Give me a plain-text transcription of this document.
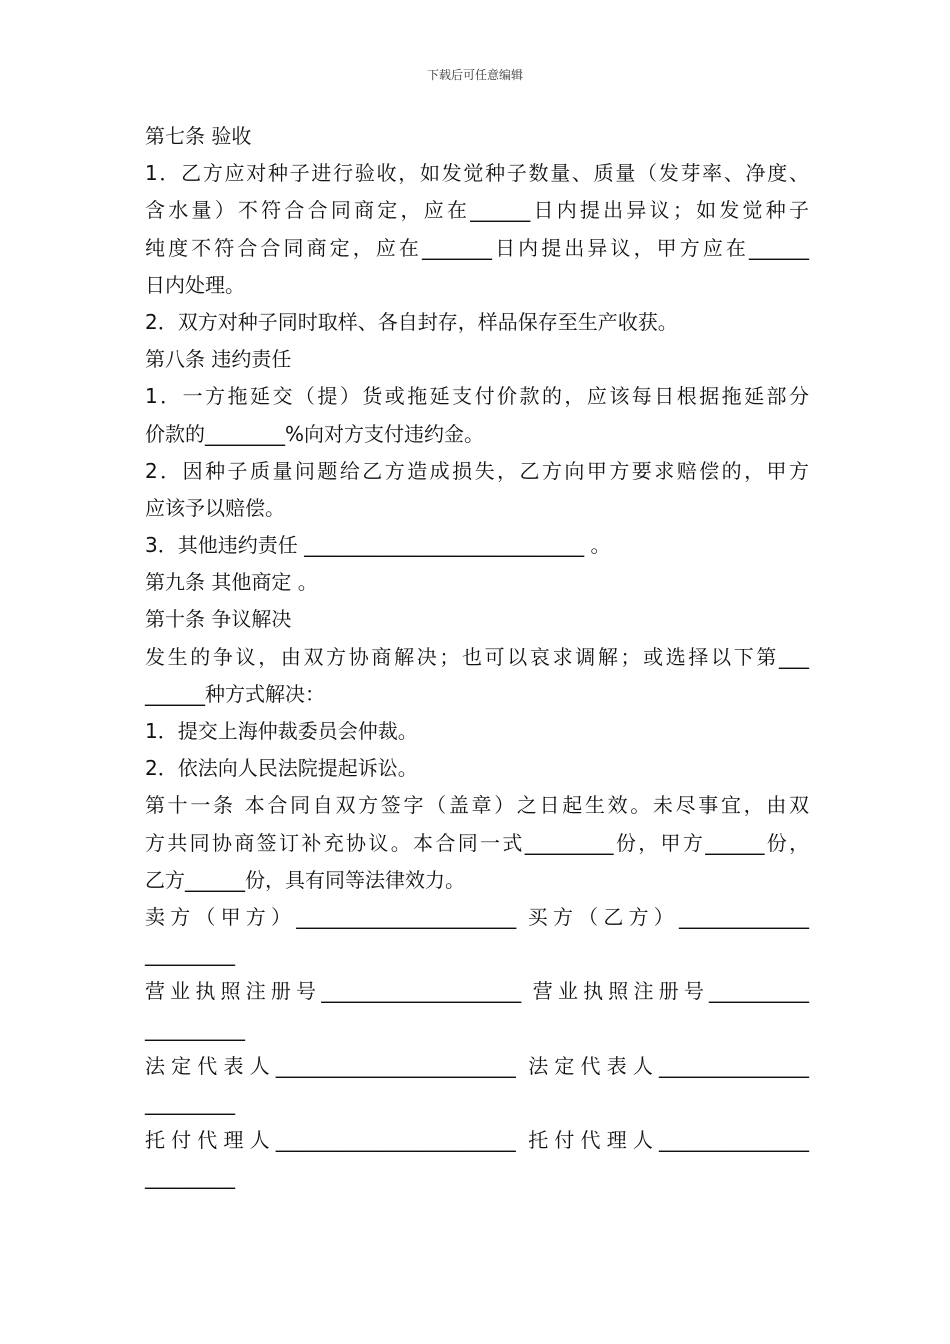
下载后可任意编辑
第七条 验收
1．乙方应对种子进行验收，如发觉种子数量、质量（发芽率、净度、
含水量）不符合合同商定，应在______日内提出异议；如发觉种子
纯度不符合合同商定，应在_______日内提出异议，甲方应在______
日内处理。
2．双方对种子同时取样、各自封存，样品保存至生产收获。
第八条 违约责任
1．一方拖延交（提）货或拖延支付价款的，应该每日根据拖延部分
价款的________%向对方支付违约金。
2．因种子质量问题给乙方造成损失，乙方向甲方要求赔偿的，甲方
应该予以赔偿。
3．其他违约责任 ____________________________ 。
第九条 其他商定 。
第十条 争议解决
发生的争议，由双方协商解决；也可以哀求调解；或选择以下第___
______种方式解决：
1．提交上海仲裁委员会仲裁。
2．依法向人民法院提起诉讼。
第十一条 本合同自双方签字（盖章）之日起生效。未尽事宜，由双
方共同协商签订补充协议。本合同一式_________份，甲方______份，
乙方______份，具有同等法律效力。
卖方（甲方）______________________ 买方（乙方）_____________
_________
营业执照注册号____________________ 营业执照注册号__________
__________
法定代表人________________________ 法定代表人_______________
_________
托付代理人________________________ 托付代理人_______________
_________
